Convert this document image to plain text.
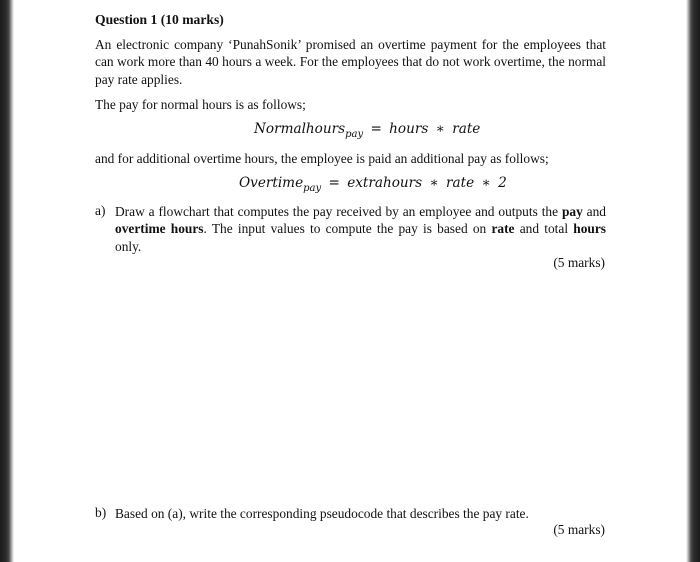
Question 1 (10 marks)
An electronic company ‘PunahSonik’ promised an overtime payment for the employees that can work more than 40 hours a week. For the employees that do not work overtime, the normal pay rate applies.
The pay for normal hours is as follows;
Normalhours$_{pay}$ = hours ∗ rate
and for additional overtime hours, the employee is paid an additional pay as follows;
Overtime$_{pay}$ = extrahours ∗ rate ∗ 2
a) Draw a flowchart that computes the pay received by an employee and outputs the pay and overtime hours. The input values to compute the pay is based on rate and total hours only.
(5 marks)
b) Based on (a), write the corresponding pseudocode that describes the pay rate.
(5 marks)
